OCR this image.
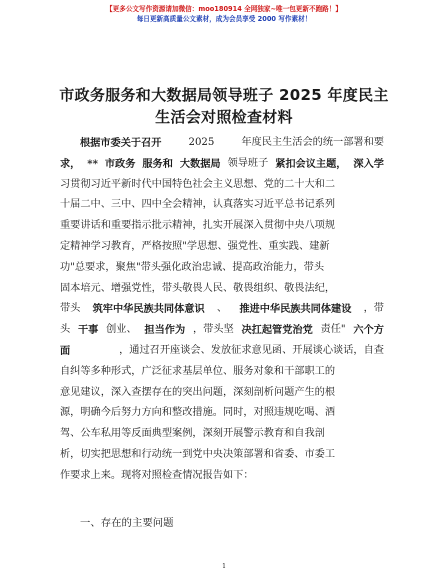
【更多公文写作资源请加微信：moo180914 全网独家~唯一包更新不跑路！】
每日更新高质量公文素材，成为会员享受 2000 写作素材！
市政务服务和大数据局领导班子 2025 年度民主
生活会对照检查材料
根据市委关于召开	2025	年度民主生活会的统一部署和要
求， ** 市政务 服务和 大数据局 领导班子 紧扣会议主题， 深入学
习贯彻习近平新时代中国特色社会主义思想、党的二十大和二
十届二中、三中、四中全会精神，认真落实习近平总书记系列
重要讲话和重要指示批示精神，扎实开展深入贯彻中央八项规
定精神学习教育，严格按照"学思想、强党性、重实践、建新
功"总要求，聚焦"带头强化政治忠诚、提高政治能力，带头
固本培元、增强党性，带头敬畏人民、敬畏组织、敬畏法纪，
带头 筑牢中华民族共同体意识 、 推进中华民族共同体建设 ，带
头 干事 创业、 担当作为 ，带头坚 决扛起管党治党 责任" 六个方
面	，通过召开座谈会、发放征求意见函、开展谈心谈话，自查
自纠等多种形式，广泛征求基层单位、服务对象和干部职工的
意见建议，深入查摆存在的突出问题，深刻剖析问题产生的根
源，明确今后努力方向和整改措施。同时，对照违规吃喝、酒
驾、公车私用等反面典型案例，深刻开展警示教育和自我剖
析，切实把思想和行动统一到党中央决策部署和省委、市委工
作要求上来。现将对照检查情况报告如下：
一、存在的主要问题
1
